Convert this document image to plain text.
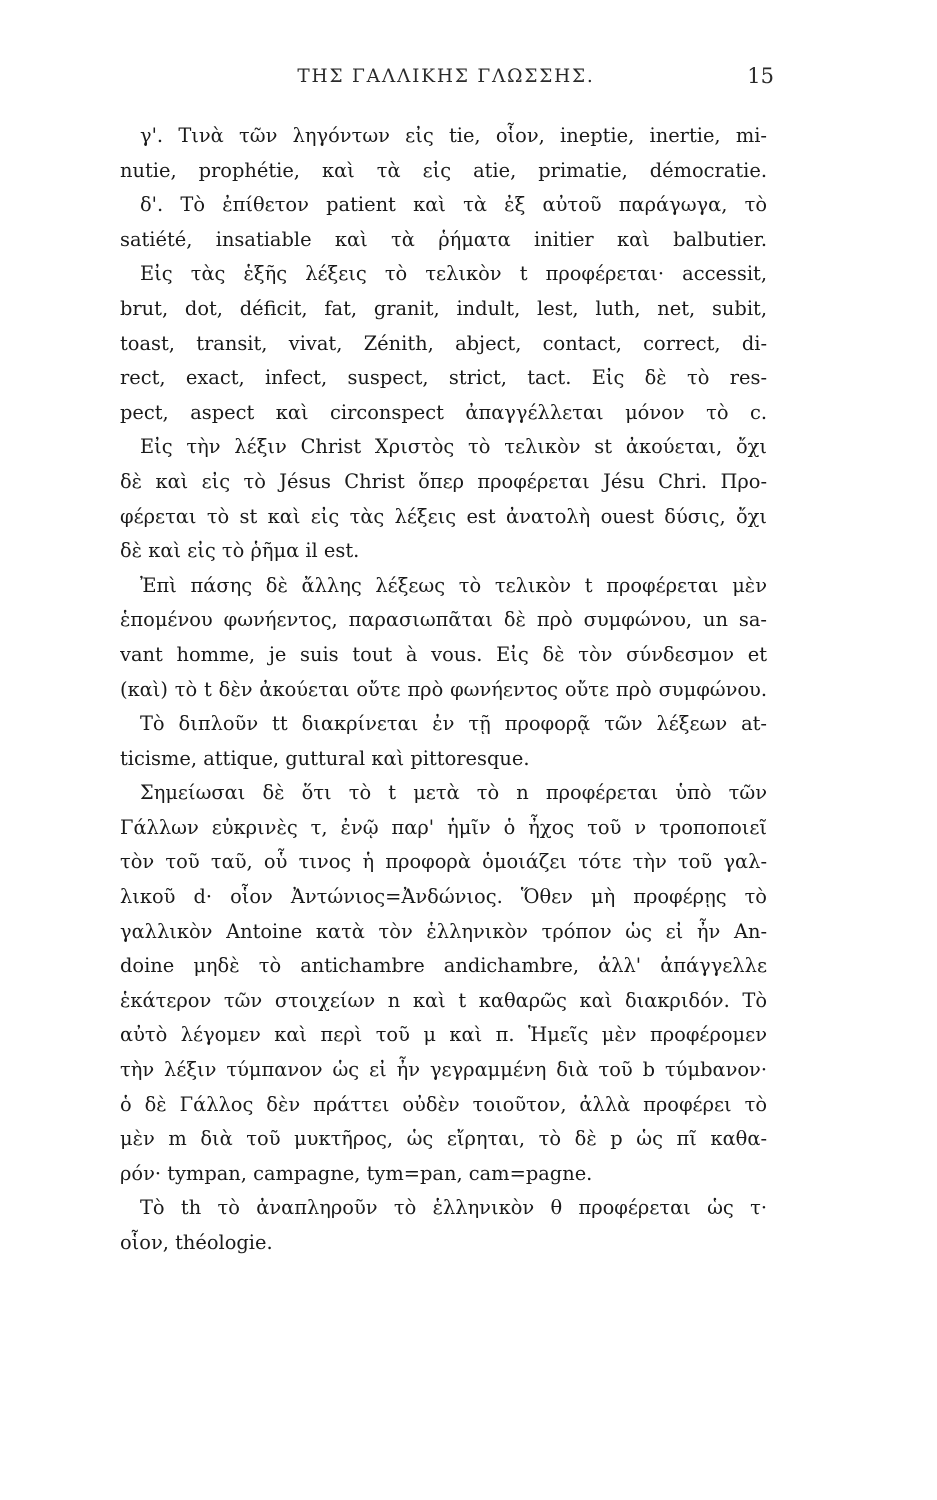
ΤΗΣ ΓΑΛΛΙΚΗΣ ΓΛΩΣΣΗΣ.	15
γ'. Τινὰ τῶν ληγόντων εἰς tie, οἷον, ineptie, inertie, mi-
nutie, prophétie, καὶ τὰ εἰς atie, primatie, démocratie.
δ'. Τὸ ἐπίθετον patient καὶ τὰ ἐξ αὐτοῦ παράγωγα, τὸ
satiété, insatiable καὶ τὰ ῥήματα initier καὶ balbutier.
Εἰς τὰς ἑξῆς λέξεις τὸ τελικὸν t προφέρεται· accessit,
brut, dot, déficit, fat, granit, indult, lest, luth, net, subit,
toast, transit, vivat, Zénith, abject, contact, correct, di-
rect, exact, infect, suspect, strict, tact. Εἰς δὲ τὸ res-
pect, aspect καὶ circonspect ἀπαγγέλλεται μόνον τὸ c.
Εἰς τὴν λέξιν Christ Χριστὸς τὸ τελικὸν st ἀκούεται, ὄχι
δὲ καὶ εἰς τὸ Jésus Christ ὅπερ προφέρεται Jésu Chri. Προ-
φέρεται τὸ st καὶ εἰς τὰς λέξεις est ἀνατολὴ ouest δύσις, ὄχι
δὲ καὶ εἰς τὸ ῥῆμα il est.
Ἐπὶ πάσης δὲ ἄλλης λέξεως τὸ τελικὸν t προφέρεται μὲν
ἑπομένου φωνήεντος, παρασιωπᾶται δὲ πρὸ συμφώνου, un sa-
vant homme, je suis tout à vous. Εἰς δὲ τὸν σύνδεσμον et
(καὶ) τὸ t δὲν ἀκούεται οὔτε πρὸ φωνήεντος οὔτε πρὸ συμφώνου.
Τὸ διπλοῦν tt διακρίνεται ἐν τῇ προφορᾷ τῶν λέξεων at-
ticisme, attique, guttural καὶ pittoresque.
Σημείωσαι δὲ ὅτι τὸ t μετὰ τὸ n προφέρεται ὑπὸ τῶν
Γάλλων εὐκρινὲς τ, ἐνῷ παρ' ἡμῖν ὁ ἦχος τοῦ ν τροποποιεῖ
τὸν τοῦ ταῦ, οὗ τινος ἡ προφορὰ ὁμοιάζει τότε τὴν τοῦ γαλ-
λικοῦ d· οἷον Ἀντώνιος=Ἀνδώνιος. Ὅθεν μὴ προφέρῃς τὸ
γαλλικὸν Antoine κατὰ τὸν ἑλληνικὸν τρόπον ὡς εἰ ἦν An-
doine μηδὲ τὸ antichambre andichambre, ἀλλ' ἀπάγγελλε
ἑκάτερον τῶν στοιχείων n καὶ t καθαρῶς καὶ διακριδόν. Τὸ
αὐτὸ λέγομεν καὶ περὶ τοῦ μ καὶ π. Ἡμεῖς μὲν προφέρομεν
τὴν λέξιν τύμπανον ὡς εἰ ἦν γεγραμμένη διὰ τοῦ b τύμbανον·
ὁ δὲ Γάλλος δὲν πράττει οὐδὲν τοιοῦτον, ἀλλὰ προφέρει τὸ
μὲν m διὰ τοῦ μυκτῆρος, ὡς εἴρηται, τὸ δὲ p ὡς πῖ καθα-
ρόν· tympan, campagne, tym=pan, cam=pagne.
Τὸ th τὸ ἀναπληροῦν τὸ ἑλληνικὸν θ προφέρεται ὡς τ·
οἷον, théologie.
